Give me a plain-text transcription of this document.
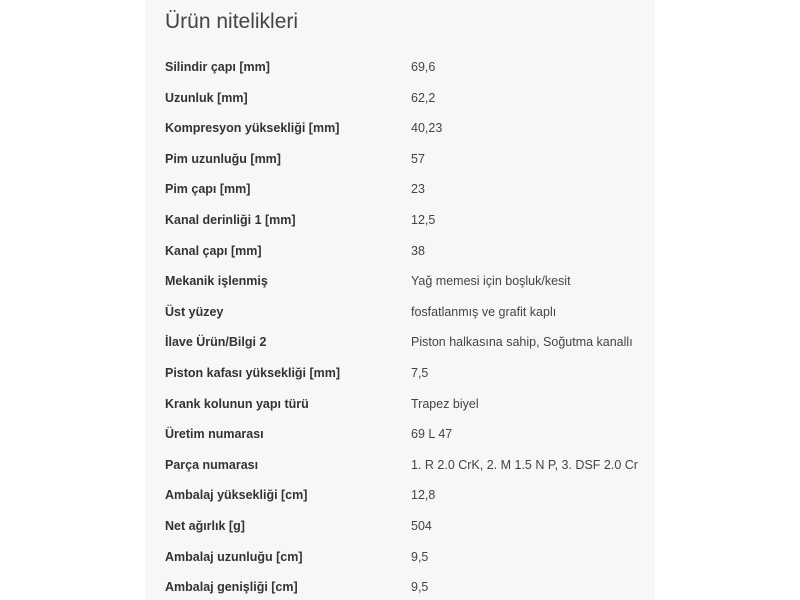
Ürün nitelikleri
Silindir çapı [mm]	69,6
Uzunluk [mm]	62,2
Kompresyon yüksekliği [mm]	40,23
Pim uzunluğu [mm]	57
Pim çapı [mm]	23
Kanal derinliği 1 [mm]	12,5
Kanal çapı [mm]	38
Mekanik işlenmiş	Yağ memesi için boşluk/kesit
Üst yüzey	fosfatlanmış ve grafit kaplı
İlave Ürün/Bilgi 2	Piston halkasına sahip, Soğutma kanallı
Piston kafası yüksekliği [mm]	7,5
Krank kolunun yapı türü	Trapez biyel
Üretim numarası	69 L 47
Parça numarası	1. R 2.0 CrK, 2. M 1.5 N P, 3. DSF 2.0 Cr
Ambalaj yüksekliği [cm]	12,8
Net ağırlık [g]	504
Ambalaj uzunluğu [cm]	9,5
Ambalaj genişliği [cm]	9,5
